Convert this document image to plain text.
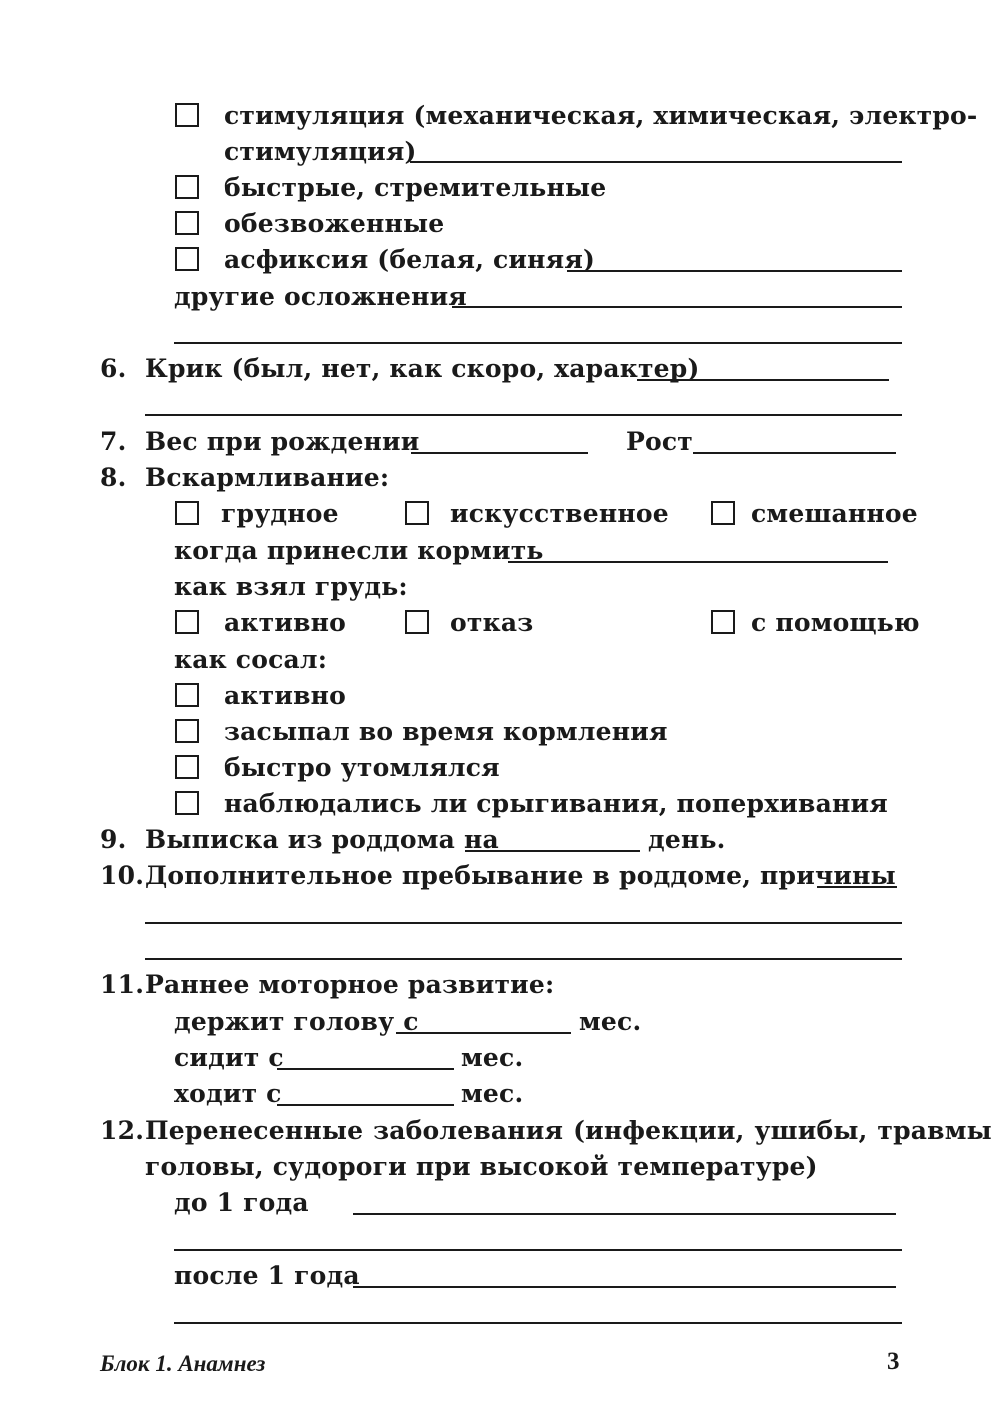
стимуляция (механическая, химическая, электро-
стимуляция)
быстрые, стремительные
обезвоженные
асфиксия (белая, синяя)
другие осложнения
6. Крик (был, нет, как скоро, характер)
7. Вес при рождении	Рост
8. Вскармливание:
грудное	искусственное	смешанное
когда принесли кормить
как взял грудь:
активно	отказ	с помощью
как сосал:
активно
засыпал во время кормления
быстро утомлялся
наблюдались ли срыгивания, поперхивания
9. Выписка из роддома на	день.
10. Дополнительное пребывание в роддоме, причины
11. Раннее моторное развитие:
держит голову с	мес.
сидит с	мес.
ходит с	мес.
12. Перенесенные заболевания (инфекции, ушибы, травмы
головы, судороги при высокой температуре)
до 1 года
после 1 года
Блок 1. Анамнез	3
